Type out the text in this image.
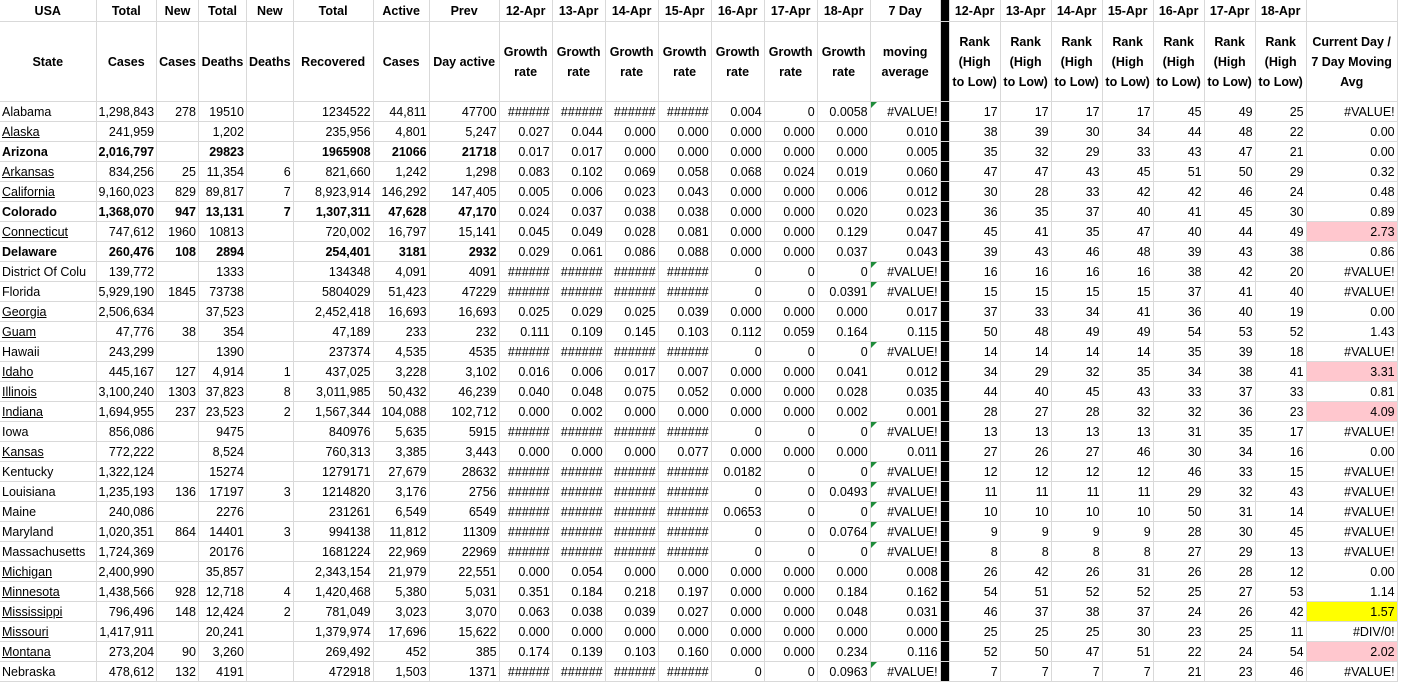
USA	Total	New	Total	New	Total	Active	Prev	12-Apr	13-Apr	14-Apr	15-Apr	16-Apr	17-Apr	18-Apr	7 Day		12-Apr	13-Apr	14-Apr	15-Apr	16-Apr	17-Apr	18-Apr	
State	Cases	Cases	Deaths	Deaths	Recovered	Cases	Day active	Growth rate	Growth rate	Growth rate	Growth rate	Growth rate	Growth rate	Growth rate	moving average		Rank (High to Low)	Rank (High to Low)	Rank (High to Low)	Rank (High to Low)	Rank (High to Low)	Rank (High to Low)	Rank (High to Low)	Current Day / 7 Day Moving Avg
Alabama	1,298,843	278	19510		1234522	44,811	47700	######	######	######	######	0.004	0	0.0058	#VALUE!		17	17	17	17	45	49	25	#VALUE!
Alaska	241,959		1,202		235,956	4,801	5,247	0.027	0.044	0.000	0.000	0.000	0.000	0.000	0.010		38	39	30	34	44	48	22	0.00
Arizona	2,016,797		29823		1965908	21066	21718	0.017	0.017	0.000	0.000	0.000	0.000	0.000	0.005		35	32	29	33	43	47	21	0.00
Arkansas	834,256	25	11,354	6	821,660	1,242	1,298	0.083	0.102	0.069	0.058	0.068	0.024	0.019	0.060		47	47	43	45	51	50	29	0.32
California	9,160,023	829	89,817	7	8,923,914	146,292	147,405	0.005	0.006	0.023	0.043	0.000	0.000	0.006	0.012		30	28	33	42	42	46	24	0.48
Colorado	1,368,070	947	13,131	7	1,307,311	47,628	47,170	0.024	0.037	0.038	0.038	0.000	0.000	0.020	0.023		36	35	37	40	41	45	30	0.89
Connecticut	747,612	1960	10813		720,002	16,797	15,141	0.045	0.049	0.028	0.081	0.000	0.000	0.129	0.047		45	41	35	47	40	44	49	2.73
Delaware	260,476	108	2894		254,401	3181	2932	0.029	0.061	0.086	0.088	0.000	0.000	0.037	0.043		39	43	46	48	39	43	38	0.86
District Of Colu	139,772		1333		134348	4,091	4091	######	######	######	######	0	0	0	#VALUE!		16	16	16	16	38	42	20	#VALUE!
Florida	5,929,190	1845	73738		5804029	51,423	47229	######	######	######	######	0	0	0.0391	#VALUE!		15	15	15	15	37	41	40	#VALUE!
Georgia	2,506,634		37,523		2,452,418	16,693	16,693	0.025	0.029	0.025	0.039	0.000	0.000	0.000	0.017		37	33	34	41	36	40	19	0.00
Guam	47,776	38	354		47,189	233	232	0.111	0.109	0.145	0.103	0.112	0.059	0.164	0.115		50	48	49	49	54	53	52	1.43
Hawaii	243,299		1390		237374	4,535	4535	######	######	######	######	0	0	0	#VALUE!		14	14	14	14	35	39	18	#VALUE!
Idaho	445,167	127	4,914	1	437,025	3,228	3,102	0.016	0.006	0.017	0.007	0.000	0.000	0.041	0.012		34	29	32	35	34	38	41	3.31
Illinois	3,100,240	1303	37,823	8	3,011,985	50,432	46,239	0.040	0.048	0.075	0.052	0.000	0.000	0.028	0.035		44	40	45	43	33	37	33	0.81
Indiana	1,694,955	237	23,523	2	1,567,344	104,088	102,712	0.000	0.002	0.000	0.000	0.000	0.000	0.002	0.001		28	27	28	32	32	36	23	4.09
Iowa	856,086		9475		840976	5,635	5915	######	######	######	######	0	0	0	#VALUE!		13	13	13	13	31	35	17	#VALUE!
Kansas	772,222		8,524		760,313	3,385	3,443	0.000	0.000	0.000	0.077	0.000	0.000	0.000	0.011		27	26	27	46	30	34	16	0.00
Kentucky	1,322,124		15274		1279171	27,679	28632	######	######	######	######	0.0182	0	0	#VALUE!		12	12	12	12	46	33	15	#VALUE!
Louisiana	1,235,193	136	17197	3	1214820	3,176	2756	######	######	######	######	0	0	0.0493	#VALUE!		11	11	11	11	29	32	43	#VALUE!
Maine	240,086		2276		231261	6,549	6549	######	######	######	######	0.0653	0	0	#VALUE!		10	10	10	10	50	31	14	#VALUE!
Maryland	1,020,351	864	14401	3	994138	11,812	11309	######	######	######	######	0	0	0.0764	#VALUE!		9	9	9	9	28	30	45	#VALUE!
Massachusetts	1,724,369		20176		1681224	22,969	22969	######	######	######	######	0	0	0	#VALUE!		8	8	8	8	27	29	13	#VALUE!
Michigan	2,400,990		35,857		2,343,154	21,979	22,551	0.000	0.054	0.000	0.000	0.000	0.000	0.000	0.008		26	42	26	31	26	28	12	0.00
Minnesota	1,438,566	928	12,718	4	1,420,468	5,380	5,031	0.351	0.184	0.218	0.197	0.000	0.000	0.184	0.162		54	51	52	52	25	27	53	1.14
Mississippi	796,496	148	12,424	2	781,049	3,023	3,070	0.063	0.038	0.039	0.027	0.000	0.000	0.048	0.031		46	37	38	37	24	26	42	1.57
Missouri	1,417,911		20,241		1,379,974	17,696	15,622	0.000	0.000	0.000	0.000	0.000	0.000	0.000	0.000		25	25	25	30	23	25	11	#DIV/0!
Montana	273,204	90	3,260		269,492	452	385	0.174	0.139	0.103	0.160	0.000	0.000	0.234	0.116		52	50	47	51	22	24	54	2.02
Nebraska	478,612	132	4191		472918	1,503	1371	######	######	######	######	0	0	0.0963	#VALUE!		7	7	7	7	21	23	46	#VALUE!
